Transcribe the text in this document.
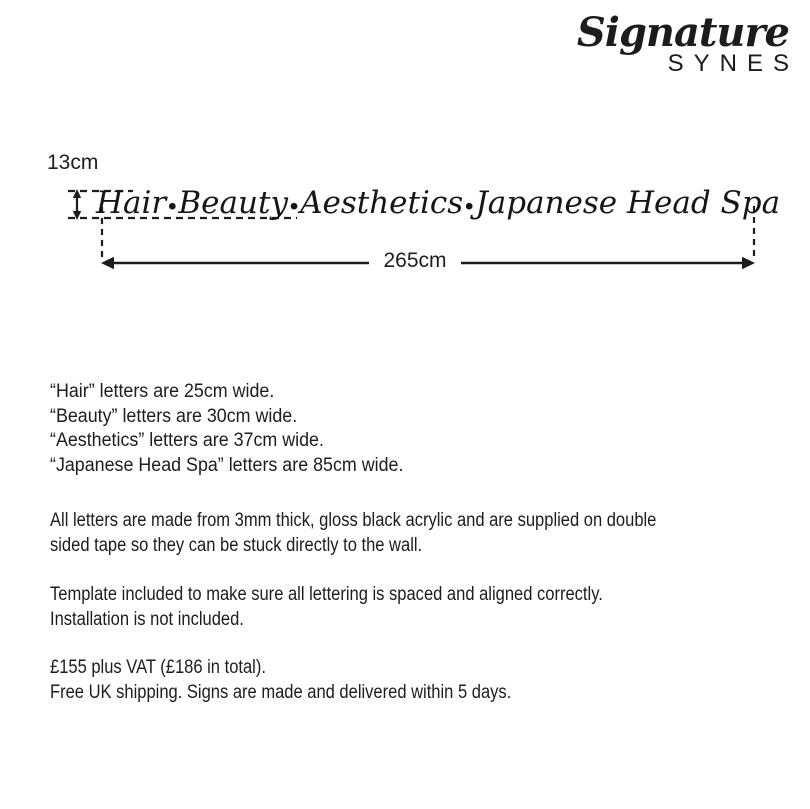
Signature
SYNES
13cm
265cm
Hair • Beauty • Aesthetics • Japanese Head Spa
“Hair” letters are 25cm wide.
“Beauty” letters are 30cm wide.
“Aesthetics” letters are 37cm wide.
“Japanese Head Spa” letters are 85cm wide.
All letters are made from 3mm thick, gloss black acrylic and are supplied on double
sided tape so they can be stuck directly to the wall.
Template included to make sure all lettering is spaced and aligned correctly.
Installation is not included.
£155 plus VAT (£186 in total).
Free UK shipping. Signs are made and delivered within 5 days.
